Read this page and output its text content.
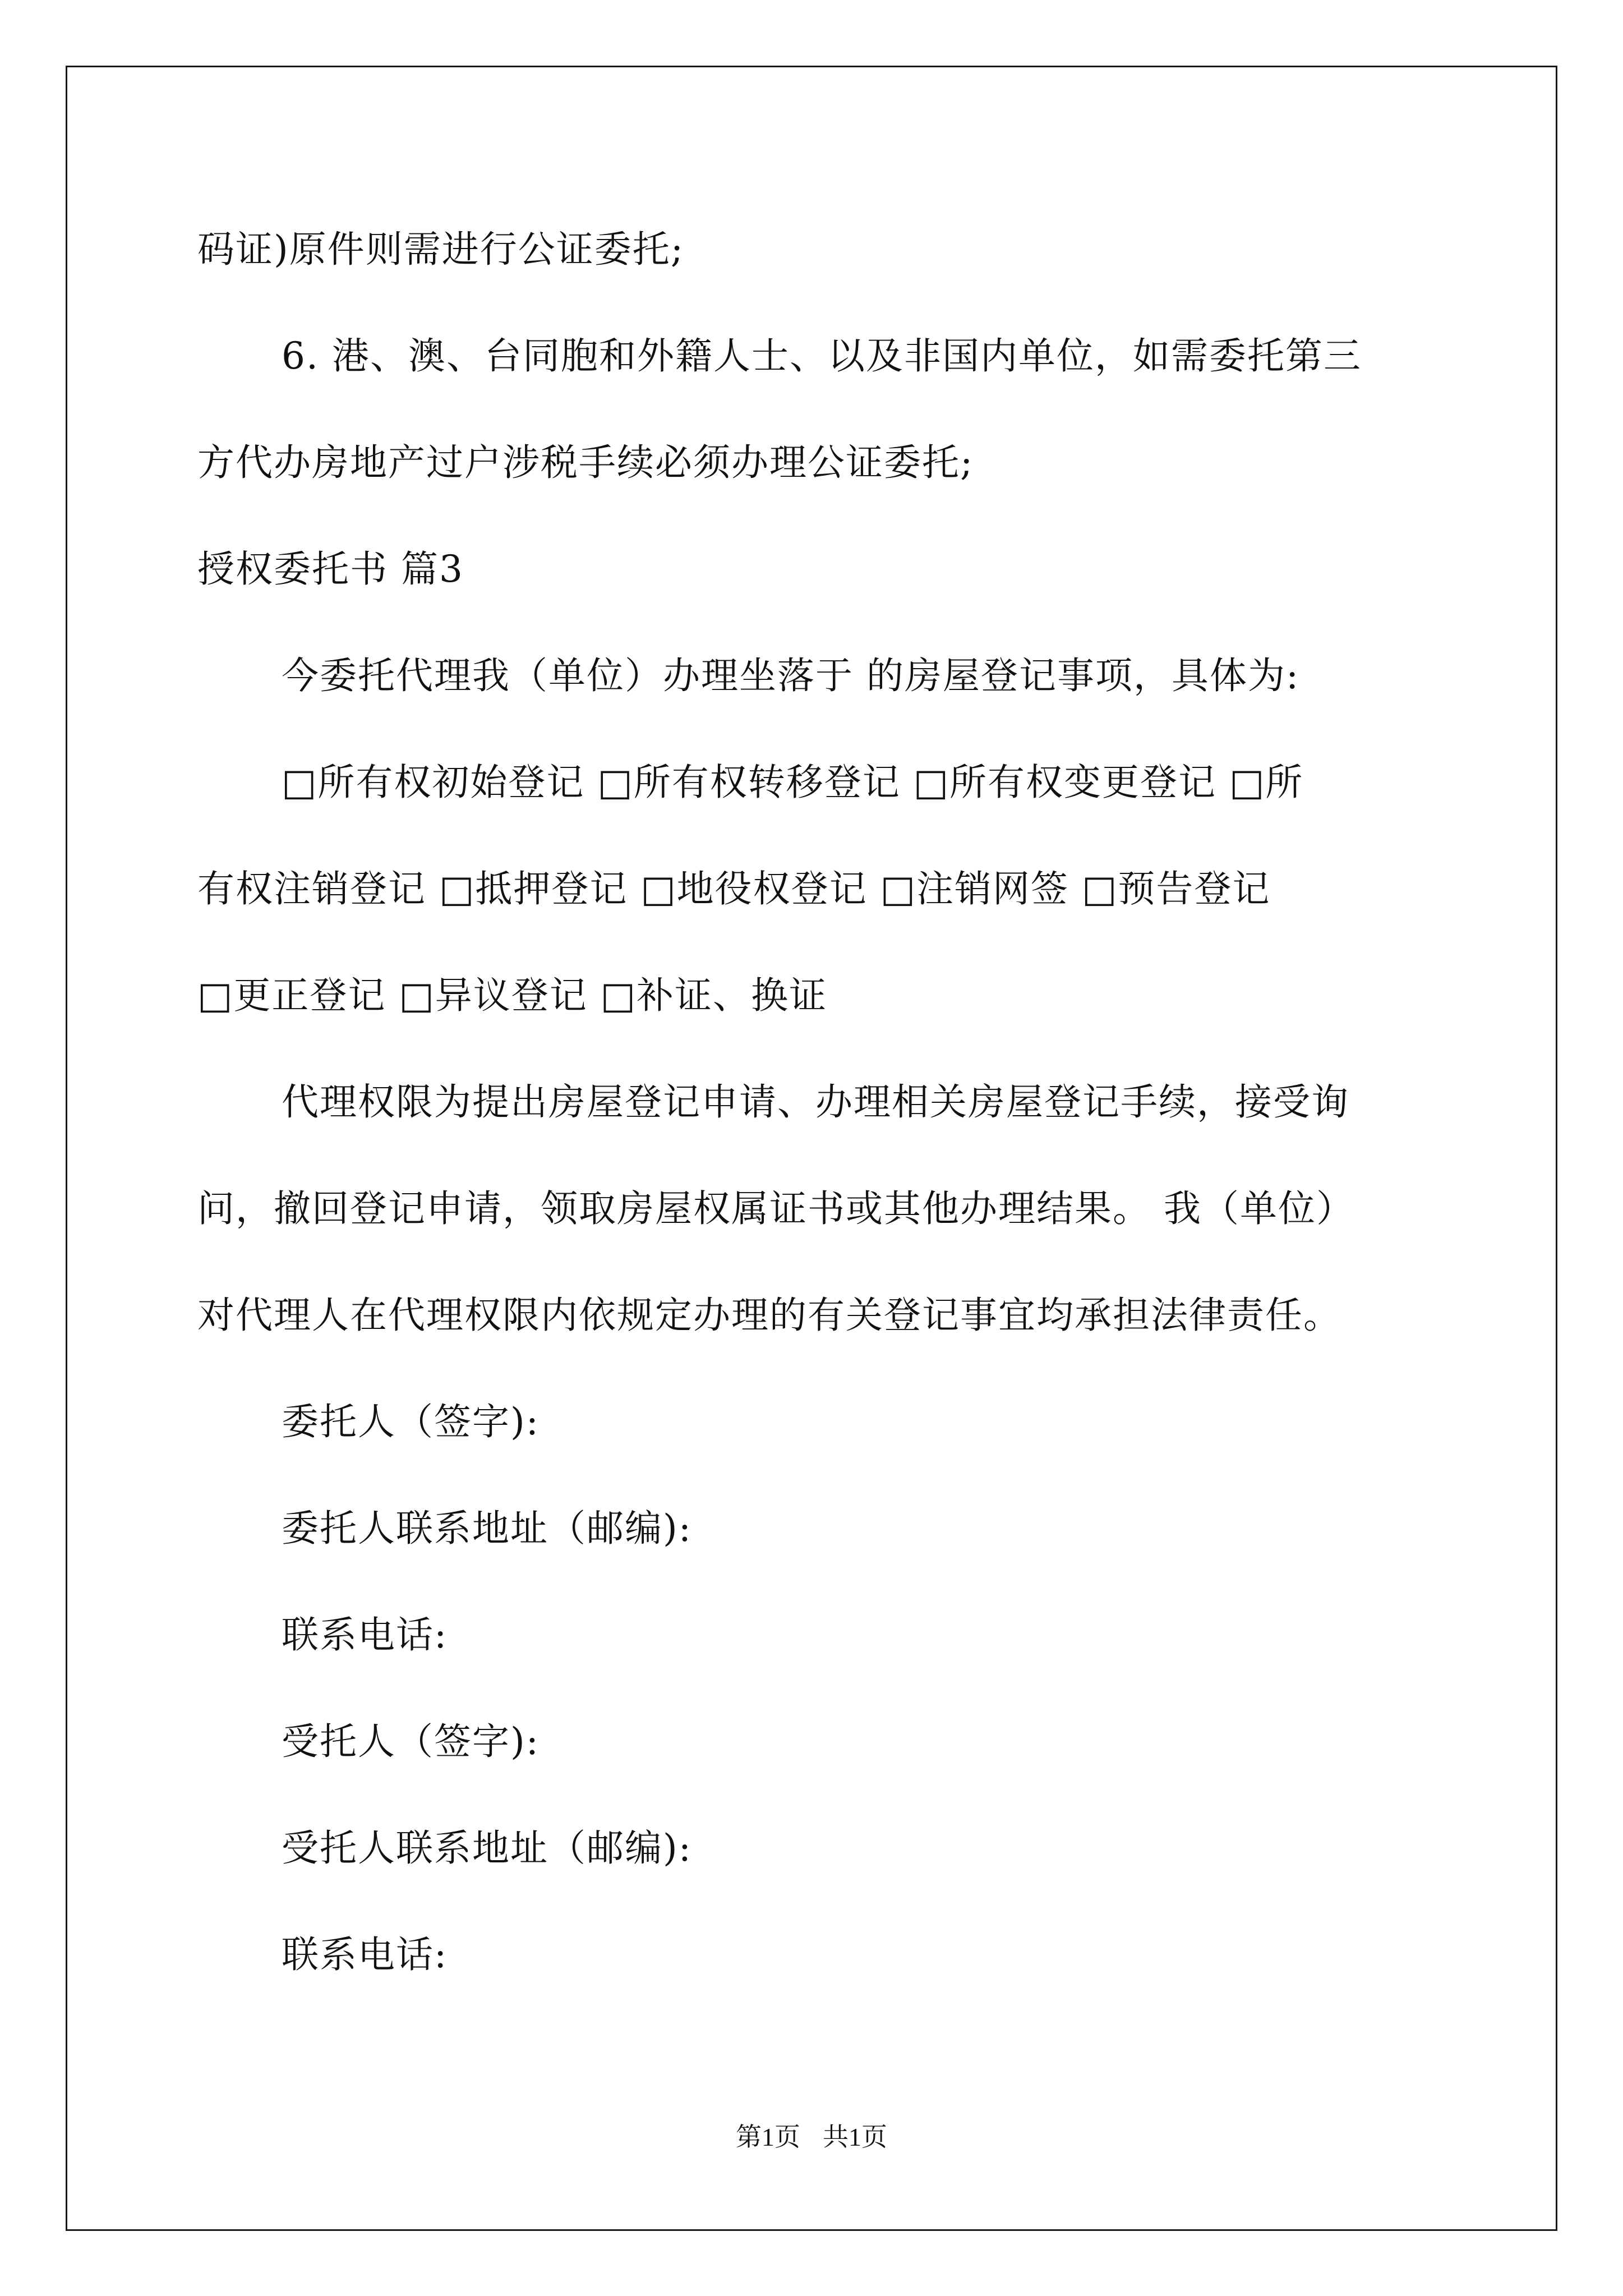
码证)原件则需进行公证委托;
6. 港、澳、台同胞和外籍人士、以及非国内单位，如需委托第三
方代办房地产过户涉税手续必须办理公证委托;
授权委托书 篇3
今委托代理我（单位）办理坐落于 的房屋登记事项，具体为:
□所有权初始登记 □所有权转移登记 □所有权变更登记 □所
有权注销登记 □抵押登记 □地役权登记 □注销网签 □预告登记
□更正登记 □异议登记 □补证、换证
代理权限为提出房屋登记申请、办理相关房屋登记手续，接受询
问，撤回登记申请，领取房屋权属证书或其他办理结果。 我（单位）
对代理人在代理权限内依规定办理的有关登记事宜均承担法律责任。
委托人（签字):
委托人联系地址（邮编):
联系电话:
受托人（签字):
受托人联系地址（邮编):
联系电话:
第1页 共1页
